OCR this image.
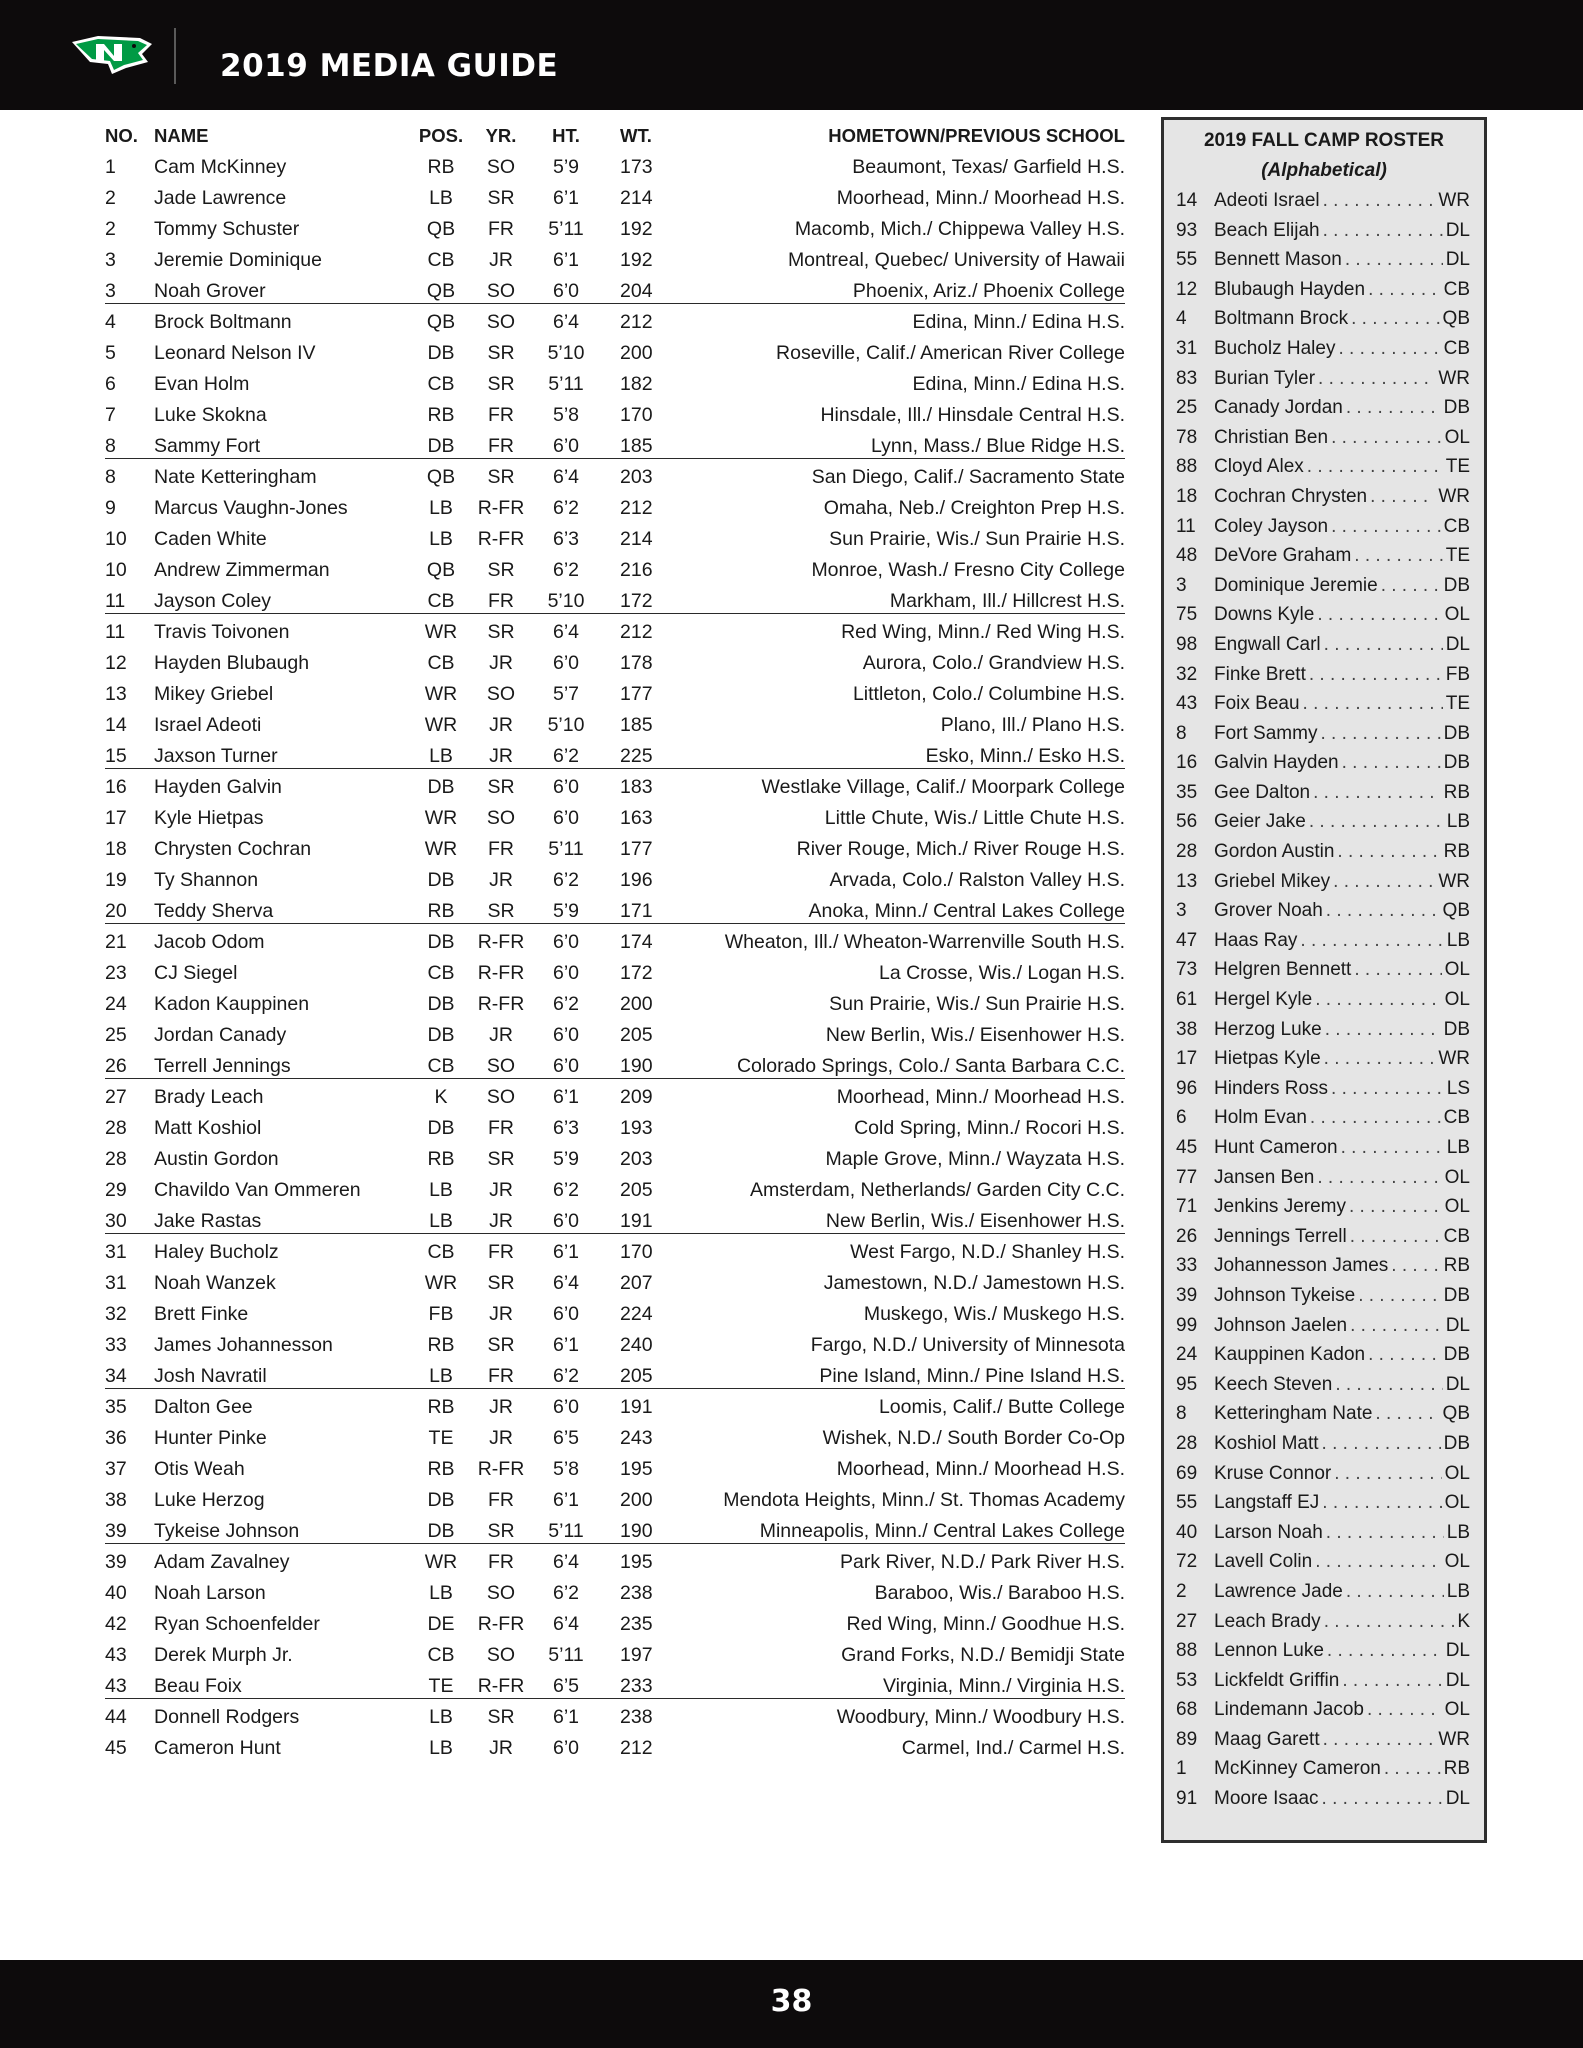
2019 MEDIA GUIDE
NO. NAME	POS.	YR.	HT.	WT.	HOMETOWN/PREVIOUS SCHOOL
1 Cam McKinney	RB	SO	5’9	173	Beaumont, Texas/ Garfield H.S.
2 Jade Lawrence	LB	SR	6’1	214	Moorhead, Minn./ Moorhead H.S.
2 Tommy Schuster	QB	FR	5’11 192	Macomb, Mich./ Chippewa Valley H.S.
3 Jeremie Dominique	CB	JR	6’1	192	Montreal, Quebec/ University of Hawaii
3 Noah Grover	QB	SO	6’0	204	Phoenix, Ariz./ Phoenix College
4 Brock Boltmann	QB	SO	6’4	212	Edina, Minn./ Edina H.S.
5 Leonard Nelson IV	DB	SR	5’10 200	Roseville, Calif./ American River College
6 Evan Holm	CB	SR	5’11 182	Edina, Minn./ Edina H.S.
7 Luke Skokna	RB	FR	5’8	170	Hinsdale, Ill./ Hinsdale Central H.S.
8 Sammy Fort	DB	FR	6’0	185	Lynn, Mass./ Blue Ridge H.S.
8 Nate Ketteringham	QB	SR	6’4	203	San Diego, Calif./ Sacramento State
9 Marcus Vaughn-Jones	LB	R-FR	6’2	212	Omaha, Neb./ Creighton Prep H.S.
10 Caden White	LB	R-FR	6’3	214	Sun Prairie, Wis./ Sun Prairie H.S.
10 Andrew Zimmerman	QB	SR	6’2	216	Monroe, Wash./ Fresno City College
11 Jayson Coley	CB	FR	5’10 172	Markham, Ill./ Hillcrest H.S.
11 Travis Toivonen	WR	SR	6’4	212	Red Wing, Minn./ Red Wing H.S.
12 Hayden Blubaugh	CB	JR	6’0	178	Aurora, Colo./ Grandview H.S.
13 Mikey Griebel	WR	SO	5’7	177	Littleton, Colo./ Columbine H.S.
14 Israel Adeoti	WR	JR	5’10 185	Plano, Ill./ Plano H.S.
15 Jaxson Turner	LB	JR	6’2	225	Esko, Minn./ Esko H.S.
16 Hayden Galvin	DB	SR	6’0	183	Westlake Village, Calif./ Moorpark College
17 Kyle Hietpas	WR	SO	6’0	163	Little Chute, Wis./ Little Chute H.S.
18 Chrysten Cochran	WR	FR	5’11 177	River Rouge, Mich./ River Rouge H.S.
19 Ty Shannon	DB	JR	6’2	196	Arvada, Colo./ Ralston Valley H.S.
20 Teddy Sherva	RB	SR	5’9	171	Anoka, Minn./ Central Lakes College
21 Jacob Odom	DB	R-FR	6’0	174	Wheaton, Ill./ Wheaton-Warrenville South H.S.
23 CJ Siegel	CB	R-FR	6’0	172	La Crosse, Wis./ Logan H.S.
24 Kadon Kauppinen	DB	R-FR	6’2	200	Sun Prairie, Wis./ Sun Prairie H.S.
25 Jordan Canady	DB	JR	6’0	205	New Berlin, Wis./ Eisenhower H.S.
26 Terrell Jennings	CB	SO	6’0	190	Colorado Springs, Colo./ Santa Barbara C.C.
27 Brady Leach	K	SO	6’1	209	Moorhead, Minn./ Moorhead H.S.
28 Matt Koshiol	DB	FR	6’3	193	Cold Spring, Minn./ Rocori H.S.
28 Austin Gordon	RB	SR	5’9	203	Maple Grove, Minn./ Wayzata H.S.
29 Chavildo Van Ommeren	LB	JR	6’2	205	Amsterdam, Netherlands/ Garden City C.C.
30 Jake Rastas	LB	JR	6’0	191	New Berlin, Wis./ Eisenhower H.S.
31 Haley Bucholz	CB	FR	6’1	170	West Fargo, N.D./ Shanley H.S.
31 Noah Wanzek	WR	SR	6’4	207	Jamestown, N.D./ Jamestown H.S.
32 Brett Finke	FB	JR	6’0	224	Muskego, Wis./ Muskego H.S.
33 James Johannesson	RB	SR	6’1	240	Fargo, N.D./ University of Minnesota
34 Josh Navratil	LB	FR	6’2	205	Pine Island, Minn./ Pine Island H.S.
35 Dalton Gee	RB	JR	6’0	191	Loomis, Calif./ Butte College
36 Hunter Pinke	TE	JR	6’5	243	Wishek, N.D./ South Border Co-Op
37 Otis Weah	RB	R-FR	5’8	195	Moorhead, Minn./ Moorhead H.S.
38 Luke Herzog	DB	FR	6’1	200	Mendota Heights, Minn./ St. Thomas Academy
39 Tykeise Johnson	DB	SR	5’11 190	Minneapolis, Minn./ Central Lakes College
39 Adam Zavalney	WR	FR	6’4	195	Park River, N.D./ Park River H.S.
40 Noah Larson	LB	SO	6’2	238	Baraboo, Wis./ Baraboo H.S.
42 Ryan Schoenfelder	DE	R-FR	6’4	235	Red Wing, Minn./ Goodhue H.S.
43 Derek Murph Jr.	CB	SO	5’11 197	Grand Forks, N.D./ Bemidji State
43 Beau Foix	TE	R-FR	6’5	233	Virginia, Minn./ Virginia H.S.
44 Donnell Rodgers	LB	SR	6’1	238	Woodbury, Minn./ Woodbury H.S.
45 Cameron Hunt	LB	JR	6’0	212	Carmel, Ind./ Carmel H.S.
2019 FALL CAMP ROSTER
(Alphabetical)
14 Adeoti Israel . . .	WR
93 Beach Elijah . . .	DL
55 Bennett Mason . . .	DL
12 Blubaugh Hayden . . .	CB
4 Boltmann Brock . . .	QB
31 Bucholz Haley . . .	CB
83 Burian Tyler . . .	WR
25 Canady Jordan . . .	DB
78 Christian Ben . . .	OL
88 Cloyd Alex . . .	TE
18 Cochran Chrysten . . .	WR
11 Coley Jayson . . .	CB
48 DeVore Graham . . .	TE
3 Dominique Jeremie . . .	DB
75 Downs Kyle . . .	OL
98 Engwall Carl . . .	DL
32 Finke Brett . . .	FB
43 Foix Beau . . .	TE
8 Fort Sammy . . .	DB
16 Galvin Hayden . . .	DB
35 Gee Dalton . . .	RB
56 Geier Jake . . .	LB
28 Gordon Austin . . .	RB
13 Griebel Mikey . . .	WR
3 Grover Noah . . .	QB
47 Haas Ray . . .	LB
73 Helgren Bennett . . .	OL
61 Hergel Kyle . . .	OL
38 Herzog Luke . . .	DB
17 Hietpas Kyle . . .	WR
96 Hinders Ross . . .	LS
6 Holm Evan . . .	CB
45 Hunt Cameron . . .	LB
77 Jansen Ben . . .	OL
71 Jenkins Jeremy . . .	OL
26 Jennings Terrell . . .	CB
33 Johannesson James . . .	RB
39 Johnson Tykeise . . .	DB
99 Johnson Jaelen . . .	DL
24 Kauppinen Kadon . . .	DB
95 Keech Steven . . .	DL
8 Ketteringham Nate . . .	QB
28 Koshiol Matt . . .	DB
69 Kruse Connor . . .	OL
55 Langstaff EJ . . .	OL
40 Larson Noah . . .	LB
72 Lavell Colin . . .	OL
2 Lawrence Jade . . .	LB
27 Leach Brady . . .	K
88 Lennon Luke . . .	DL
53 Lickfeldt Griffin . . .	DL
68 Lindemann Jacob . . .	OL
89 Maag Garett . . .	WR
1 McKinney Cameron . . .	RB
91 Moore Isaac . . .	DL
38
